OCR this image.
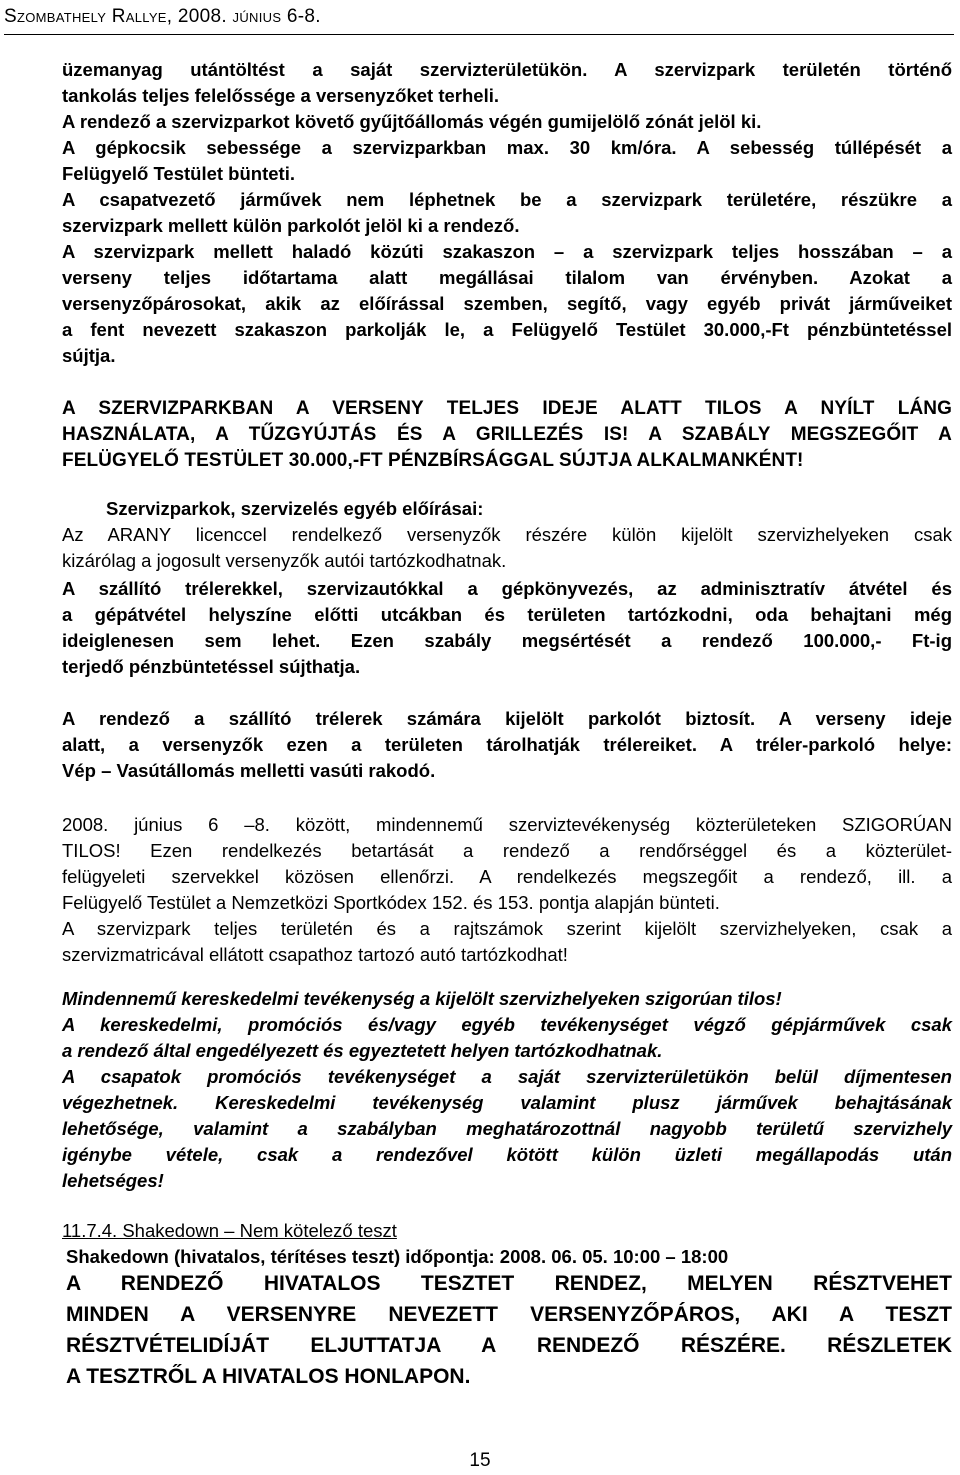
Szombathely Rallye, 2008. június 6-8.
üzemanyag utántöltést a saját szervizterületükön. A szervizpark területén történő
tankolás teljes felelőssége a versenyzőket terheli.
A rendező a szervizparkot követő gyűjtőállomás végén gumijelölő zónát jelöl ki.
A gépkocsik sebessége a szervizparkban max. 30 km/óra. A sebesség túllépését a
Felügyelő Testület bünteti.
A csapatvezető járművek nem léphetnek be a szervizpark területére, részükre a
szervizpark mellett külön parkolót jelöl ki a rendező.
A szervizpark mellett haladó közúti szakaszon – a szervizpark teljes hosszában – a
verseny teljes időtartama alatt megállásai tilalom van érvényben. Azokat a
versenyzőpárosokat, akik az előírással szemben, segítő, vagy egyéb privát járműveiket
a fent nevezett szakaszon parkolják le, a Felügyelő Testület 30.000,-Ft pénzbüntetéssel
sújtja.
A SZERVIZPARKBAN A VERSENY TELJES IDEJE ALATT TILOS A NYÍLT LÁNG
HASZNÁLATA, A TŰZGYÚJTÁS ÉS A GRILLEZÉS IS! A SZABÁLY MEGSZEGŐIT A
FELÜGYELŐ TESTÜLET 30.000,-FT PÉNZBÍRSÁGGAL SÚJTJA ALKALMANKÉNT!
Szervizparkok, szervizelés egyéb előírásai:
Az ARANY licenccel rendelkező versenyzők részére külön kijelölt szervizhelyeken csak
kizárólag a jogosult versenyzők autói tartózkodhatnak.
A szállító trélerekkel, szervizautókkal a gépkönyvezés, az adminisztratív átvétel és
a gépátvétel helyszíne előtti utcákban és területen tartózkodni, oda behajtani még
ideiglenesen sem lehet. Ezen szabály megsértését a rendező 100.000,- Ft-ig
terjedő pénzbüntetéssel sújthatja.
A rendező a szállító trélerek számára kijelölt parkolót biztosít. A verseny ideje
alatt, a versenyzők ezen a területen tárolhatják trélereiket. A tréler-parkoló helye:
Vép – Vasútállomás melletti vasúti rakodó.
2008. június 6 –8. között, mindennemű szerviztevékenység közterületeken SZIGORÚAN
TILOS! Ezen rendelkezés betartását a rendező a rendőrséggel és a közterület-
felügyeleti szervekkel közösen ellenőrzi. A rendelkezés megszegőit a rendező, ill. a
Felügyelő Testület a Nemzetközi Sportkódex 152. és 153. pontja alapján bünteti.
A szervizpark teljes területén és a rajtszámok szerint kijelölt szervizhelyeken, csak a
szervizmatricával ellátott csapathoz tartozó autó tartózkodhat!
Mindennemű kereskedelmi tevékenység a kijelölt szervizhelyeken szigorúan tilos!
A kereskedelmi, promóciós és/vagy egyéb tevékenységet végző gépjárművek csak
a rendező által engedélyezett és egyeztetett helyen tartózkodhatnak.
A csapatok promóciós tevékenységet a saját szervizterületükön belül díjmentesen
végezhetnek. Kereskedelmi tevékenység valamint plusz járművek behajtásának
lehetősége, valamint a szabályban meghatározottnál nagyobb területű szervizhely
igénybe vétele, csak a rendezővel kötött külön üzleti megállapodás után
lehetséges!
11.7.4. Shakedown – Nem kötelező teszt
Shakedown (hivatalos, térítéses teszt) időpontja: 2008. 06. 05. 10:00 – 18:00
A RENDEZŐ HIVATALOS TESZTET RENDEZ, MELYEN RÉSZTVEHET
MINDEN A VERSENYRE NEVEZETT VERSENYZŐPÁROS, AKI A TESZT
RÉSZTVÉTELIDÍJÁT ELJUTTATJA A RENDEZŐ RÉSZÉRE. RÉSZLETEK
A TESZTRŐL A HIVATALOS HONLAPON.
15
